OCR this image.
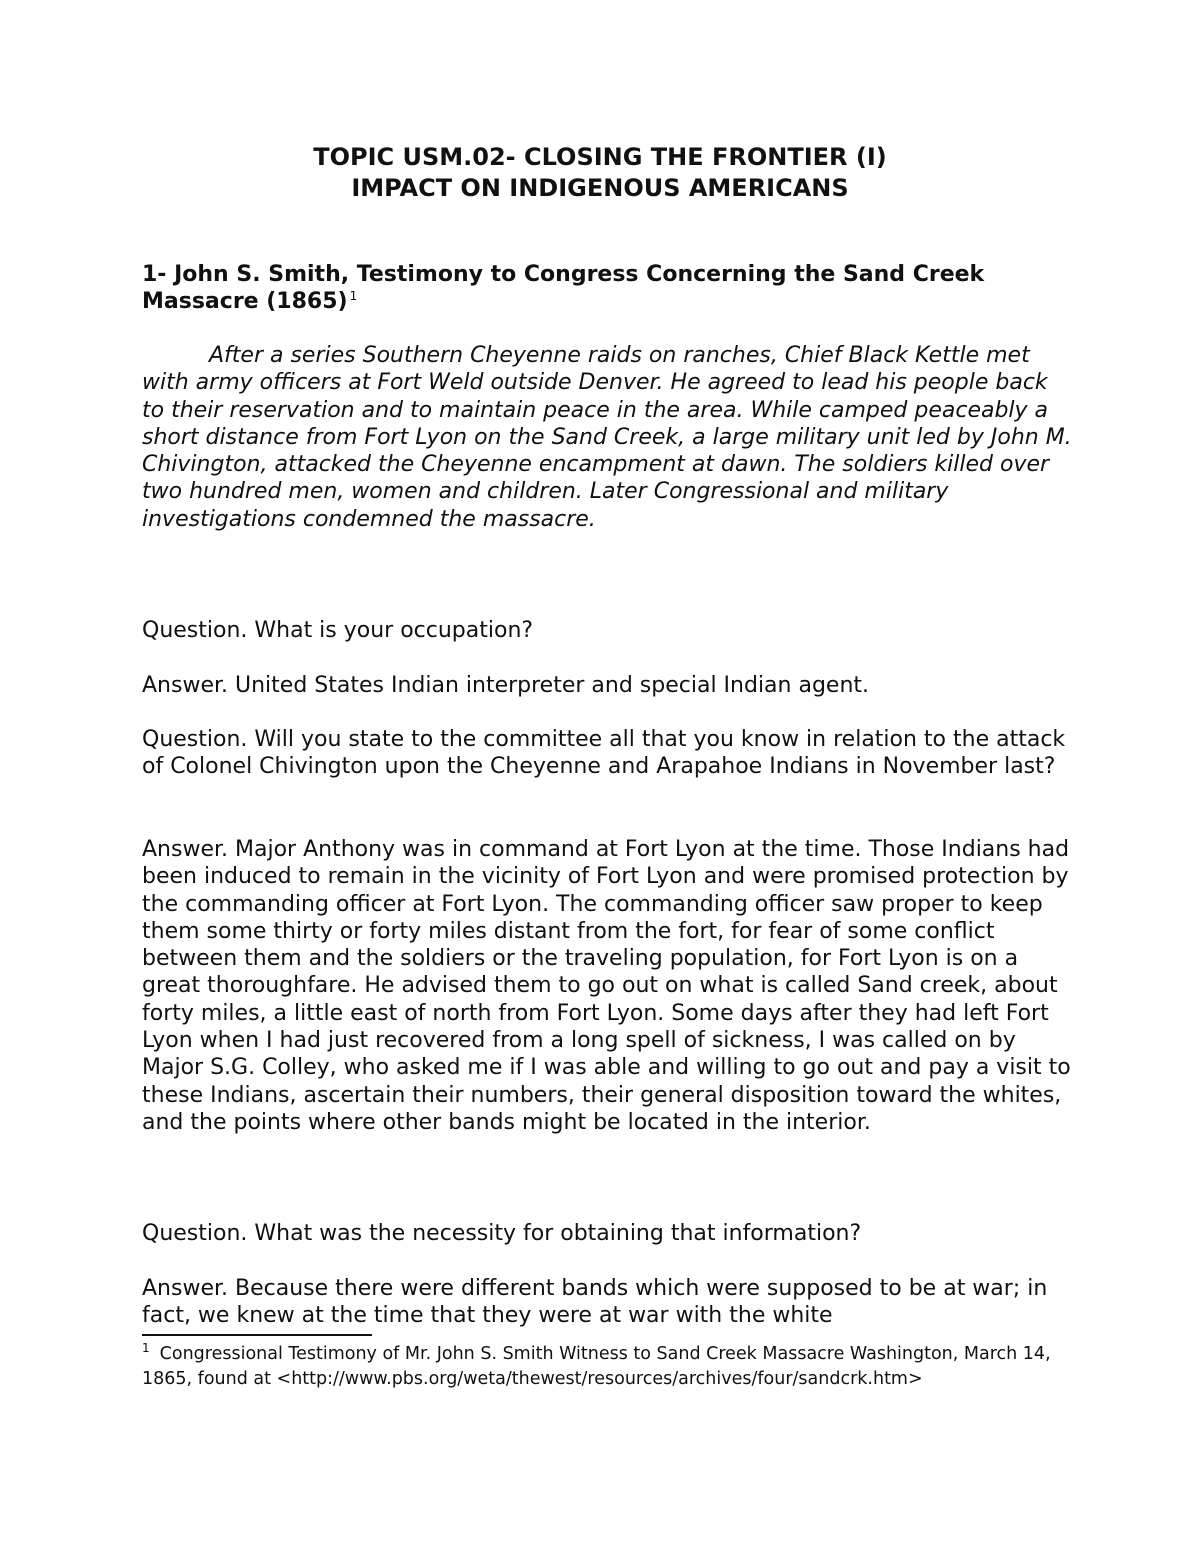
TOPIC USM.02- CLOSING THE FRONTIER (I)
IMPACT ON INDIGENOUS AMERICANS
1- John S. Smith, Testimony to Congress Concerning the Sand Creek Massacre (1865) $^1$

After a series Southern Cheyenne raids on ranches, Chief Black Kettle met with army officers at Fort Weld outside Denver. He agreed to lead his people back to their reservation and to maintain peace in the area. While camped peaceably a short distance from Fort Lyon on the Sand Creek, a large military unit led by John M. Chivington, attacked the Cheyenne encampment at dawn. The soldiers killed over two hundred men, women and children. Later Congressional and military investigations condemned the massacre.

Question. What is your occupation?

Answer. United States Indian interpreter and special Indian agent.

Question. Will you state to the committee all that you know in relation to the attack of Colonel Chivington upon the Cheyenne and Arapahoe Indians in November last?

Answer. Major Anthony was in command at Fort Lyon at the time. Those Indians had been induced to remain in the vicinity of Fort Lyon and were promised protection by the commanding officer at Fort Lyon. The commanding officer saw proper to keep them some thirty or forty miles distant from the fort, for fear of some conflict between them and the soldiers or the traveling population, for Fort Lyon is on a great thoroughfare. He advised them to go out on what is called Sand creek, about forty miles, a little east of north from Fort Lyon. Some days after they had left Fort Lyon when I had just recovered from a long spell of sickness, I was called on by Major S.G. Colley, who asked me if I was able and willing to go out and pay a visit to these Indians, ascertain their numbers, their general disposition toward the whites, and the points where other bands might be located in the interior.

Question. What was the necessity for obtaining that information?

Answer. Because there were different bands which were supposed to be at war; in fact, we knew at the time that they were at war with the white

$^1$ Congressional Testimony of Mr. John S. Smith Witness to Sand Creek Massacre Washington, March 14, 1865, found at <http://www.pbs.org/weta/thewest/resources/archives/four/sandcrk.htm>
